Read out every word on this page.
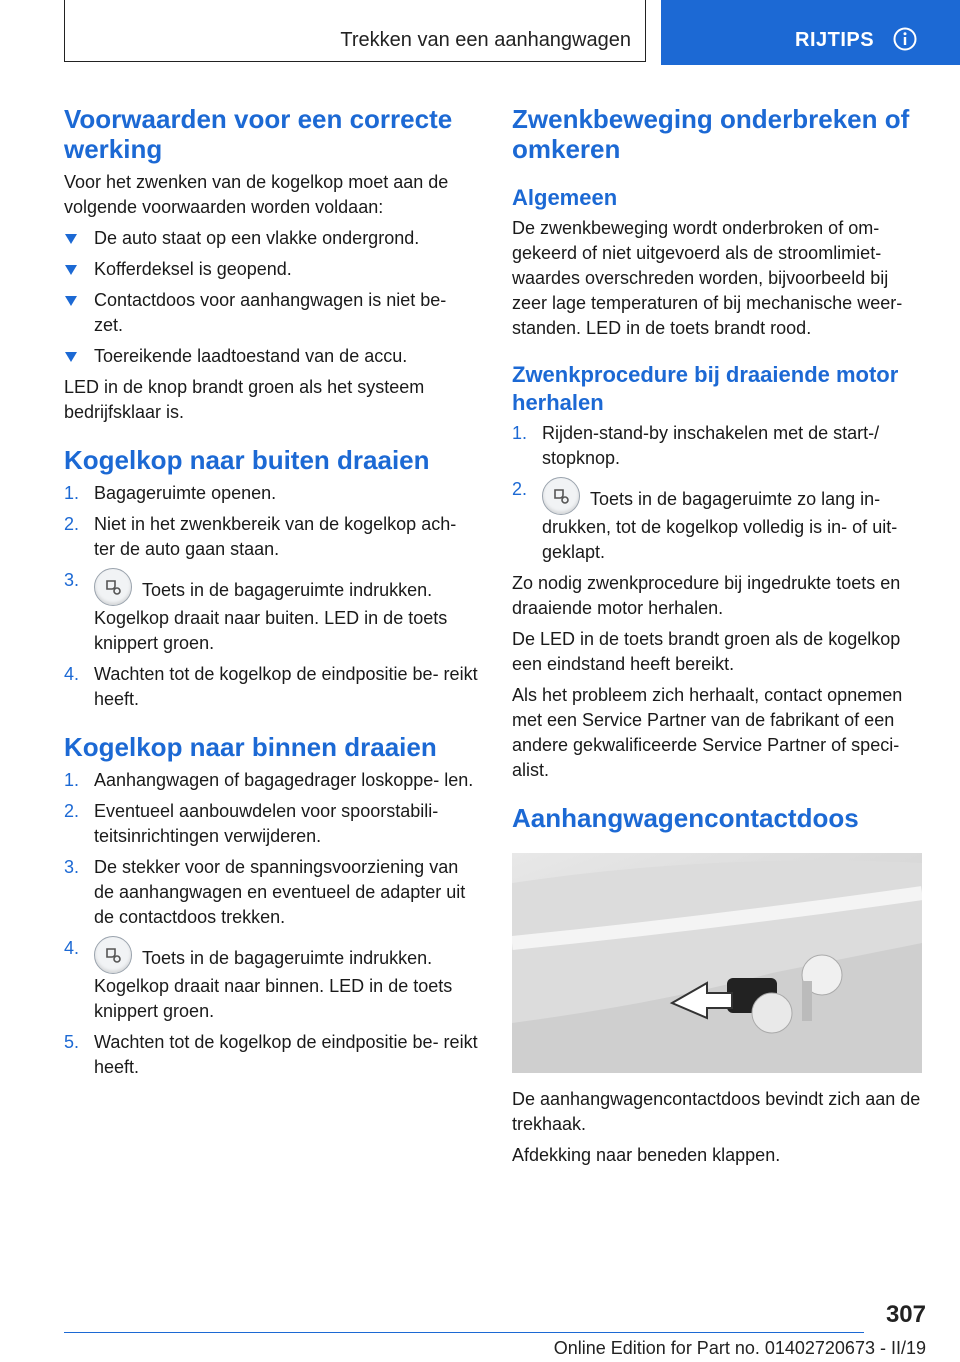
Trekken van een aanhangwagen	RIJTIPS
Voorwaarden voor een correcte werking

Voor het zwenken van de kogelkop moet aan de volgende voorwaarden worden voldaan:

De auto staat op een vlakke ondergrond.
Kofferdeksel is geopend.
Contactdoos voor aanhangwagen is niet be- zet.
Toereikende laadtoestand van de accu.

LED in de knop brandt groen als het systeem bedrijfsklaar is.

Kogelkop naar buiten draaien
1. Bagageruimte openen.
2. Niet in het zwenkbereik van de kogelkop ach- ter de auto gaan staan.
3.	Toets in de bagageruimte indrukken.
Kogelkop draait naar buiten. LED in de toets knippert groen.
4. Wachten tot de kogelkop de eindpositie be- reikt heeft.
Kogelkop naar binnen draaien
1. Aanhangwagen of bagagedrager loskoppe- len.
2. Eventueel aanbouwdelen voor spoorstabili- teitsinrichtingen verwijderen.
3. De stekker voor de spanningsvoorziening van de aanhangwagen en eventueel de adapter uit de contactdoos trekken.
4.	Toets in de bagageruimte indrukken.
Kogelkop draait naar binnen. LED in de toets knippert groen.
5. Wachten tot de kogelkop de eindpositie be- reikt heeft.
Zwenkbeweging onderbreken of omkeren
Algemeen

De zwenkbeweging wordt onderbroken of om- gekeerd of niet uitgevoerd als de stroomlimiet- waardes overschreden worden, bijvoorbeeld bij zeer lage temperaturen of bij mechanische weer- standen. LED in de toets brandt rood.

Zwenkprocedure bij draaiende motor herhalen
1. Rijden-stand-by inschakelen met de start-/ stopknop.
2.	Toets in de bagageruimte zo lang in- drukken, tot de kogelkop volledig is in- of uit- geklapt.

Zo nodig zwenkprocedure bij ingedrukte toets en draaiende motor herhalen.

De LED in de toets brandt groen als de kogelkop een eindstand heeft bereikt.

Als het probleem zich herhaalt, contact opnemen met een Service Partner van de fabrikant of een andere gekwalificeerde Service Partner of speci- alist.

Aanhangwagencontactdoos

De aanhangwagencontactdoos bevindt zich aan de trekhaak.

Afdekking naar beneden klappen.

307
Online Edition for Part no. 01402720673 - II/19
